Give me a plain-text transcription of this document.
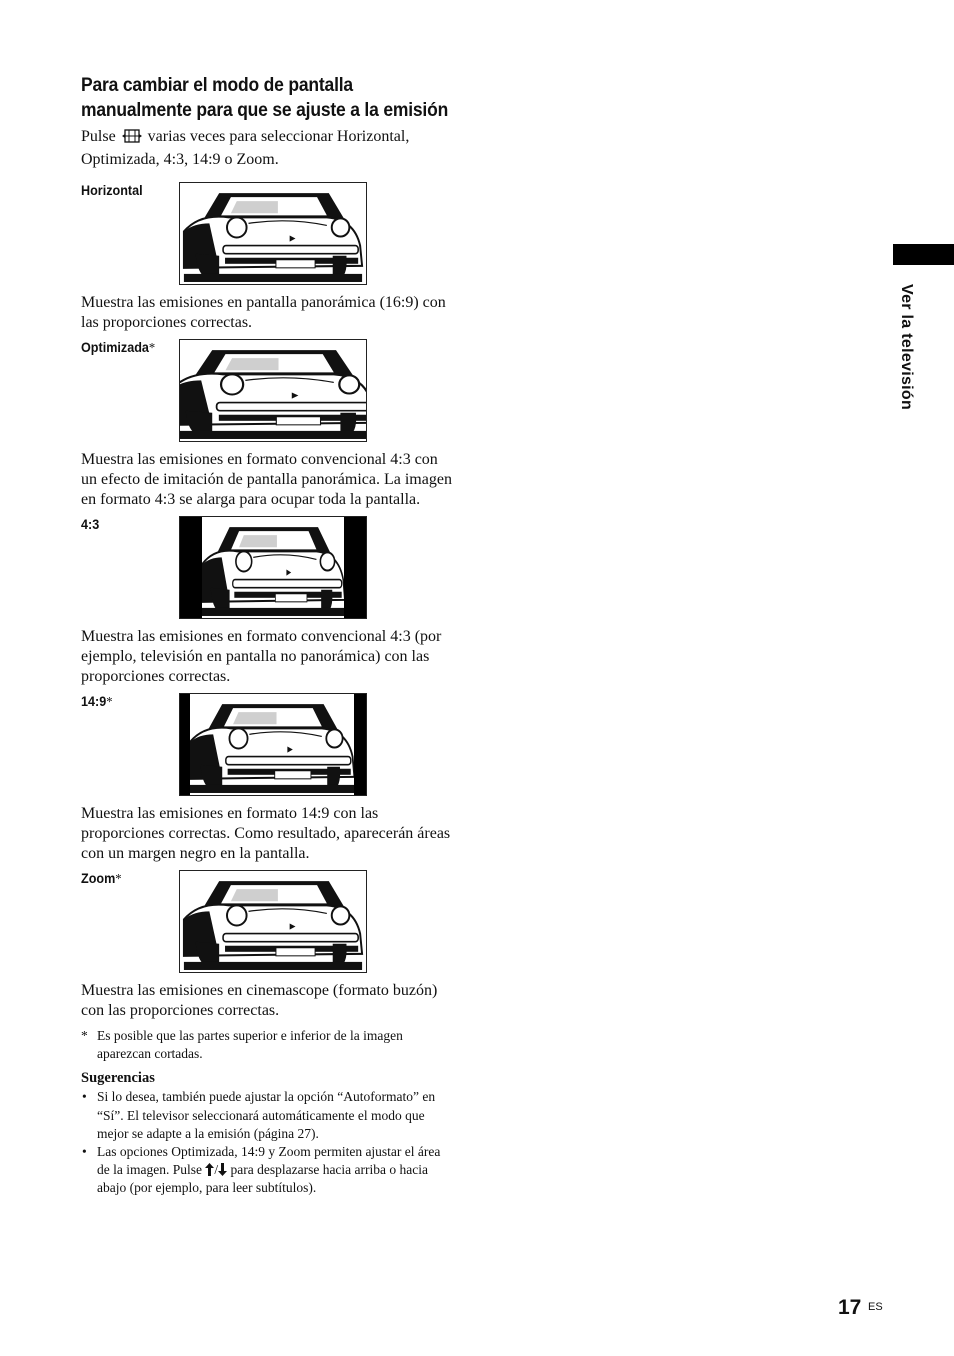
Para cambiar el modo de pantalla manualmente para que se ajuste a la emisión

Pulse varias veces para seleccionar Horizontal, Optimizada, 4:3, 14:9 o Zoom.

Horizontal

Muestra las emisiones en pantalla panorámica (16:9) con las proporciones correctas.

Optimizada*

Muestra las emisiones en formato convencional 4:3 con un efecto de imitación de pantalla panorámica. La imagen en formato 4:3 se alarga para ocupar toda la pantalla.

4:3

Muestra las emisiones en formato convencional 4:3 (por ejemplo, televisión en pantalla no panorámica) con las proporciones correctas.

14:9*

Muestra las emisiones en formato 14:9 con las proporciones correctas. Como resultado, aparecerán áreas con un margen negro en la pantalla.

Zoom*

Muestra las emisiones en cinemascope (formato buzón) con las proporciones correctas.

* Es posible que las partes superior e inferior de la imagen aparezcan cortadas.

Sugerencias
• Si lo desea, también puede ajustar la opción “Autoformato” en “Sí”. El televisor seleccionará automáticamente el modo que mejor se adapte a la emisión (página 27).
• Las opciones Optimizada, 14:9 y Zoom permiten ajustar el área de la imagen. Pulse / para desplazarse hacia arriba o hacia abajo (por ejemplo, para leer subtítulos).
Ver la televisión
17 ES
